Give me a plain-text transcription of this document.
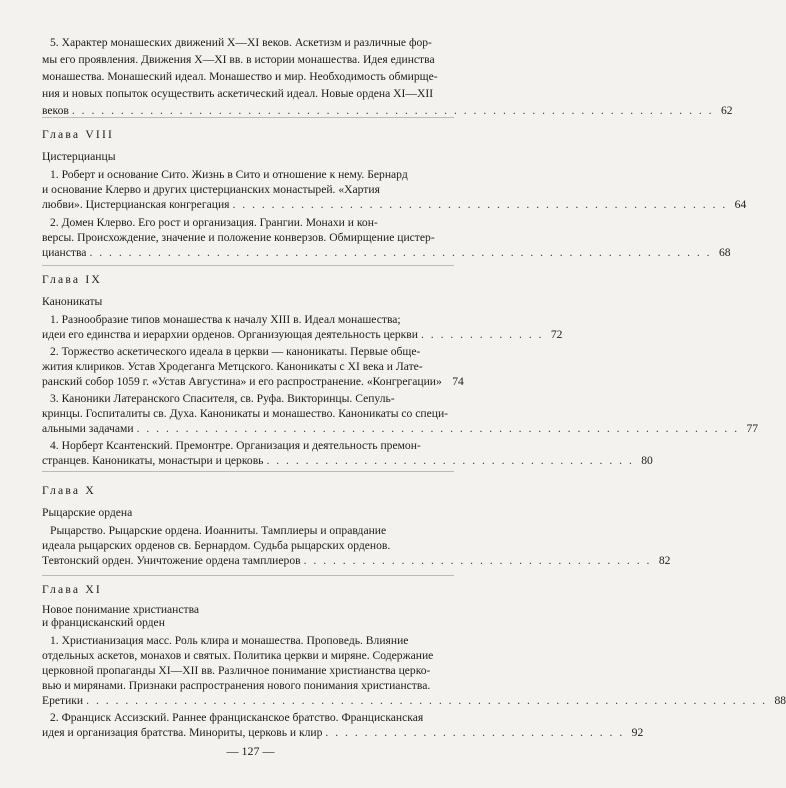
5. Характер монашеских движений X—XI веков. Аскетизм и различные фор-
мы его проявления. Движения X—XI вв. в истории монашества. Идея единства
монашества. Монашеский идеал. Монашество и мир. Необходимость обмирще-
ния и новых попыток осуществить аскетический идеал. Новые ордена XI—XII
веков . . . . . . . . . . . . . . . . . . . . . . . . . . . . . . . . . . . . . . . . . . . . . . . . . . . . . . . . . . . . . . . . . . 62
Глава VIII
Цистерцианцы
1. Роберт и основание Сито. Жизнь в Сито и отношение к нему. Бернард
и основание Клерво и других цистерцианских монастырей. «Хартия
любви». Цистерцианская конгрегация . . . . . . . . . . . . . . . . . . . . . . . . . . . . . . . . . . . . . . . . . . . . . . . . . . . 64
2. Домен Клерво. Его рост и организация. Грангии. Монахи и кон-
версы. Происхождение, значение и положение конверзов. Обмирщение цистер-
цианства . . . . . . . . . . . . . . . . . . . . . . . . . . . . . . . . . . . . . . . . . . . . . . . . . . . . . . . . . . . . . . . . 68
Глава IX
Каноникаты
1. Разнообразие типов монашества к началу XIII в. Идеал монашества;
идеи его единства и иерархии орденов. Организующая деятельность церкви . . . . . . . . . . . . . 72
2. Торжество аскетического идеала в церкви — каноникаты. Первые обще-
жития клириков. Устав Хродеганга Метцского. Каноникаты с XI века и Лате-
ранский собор 1059 г. «Устав Августина» и его распространение. «Конгрегации» 74
3. Каноники Латеранского Спасителя, св. Руфа. Викторинцы. Сепуль-
кринцы. Госпиталиты св. Духа. Каноникаты и монашество. Каноникаты со специ-
альными задачами . . . . . . . . . . . . . . . . . . . . . . . . . . . . . . . . . . . . . . . . . . . . . . . . . . . . . . . . . . . . . . 77
4. Норберт Ксантенский. Премонтре. Организация и деятельность премон-
странцев. Каноникаты, монастыри и церковь . . . . . . . . . . . . . . . . . . . . . . . . . . . . . . . . . . . . . . 80
Глава X
Рыцарские ордена
Рыцарство. Рыцарские ордена. Иоанниты. Тамплиеры и оправдание
идеала рыцарских орденов св. Бернардом. Судьба рыцарских орденов.
Тевтонский орден. Уничтожение ордена тамплиеров . . . . . . . . . . . . . . . . . . . . . . . . . . . . . . . . . . . . 82
Глава XI
Новое понимание христианства
и францисканский орден
1. Христианизация масс. Роль клира и монашества. Проповедь. Влияние
отдельных аскетов, монахов и святых. Политика церкви и миряне. Содержание
церковной пропаганды XI—XII вв. Различное понимание христианства церко-
вью и мирянами. Признаки распространения нового понимания христианства.
Еретики . . . . . . . . . . . . . . . . . . . . . . . . . . . . . . . . . . . . . . . . . . . . . . . . . . . . . . . . . . . . . . . . . . . . . . 88
2. Франциск Ассизский. Раннее францисканское братство. Францисканская
идея и организация братства. Минориты, церковь и клир . . . . . . . . . . . . . . . . . . . . . . . . . . . . . . . 92
— 127 —
